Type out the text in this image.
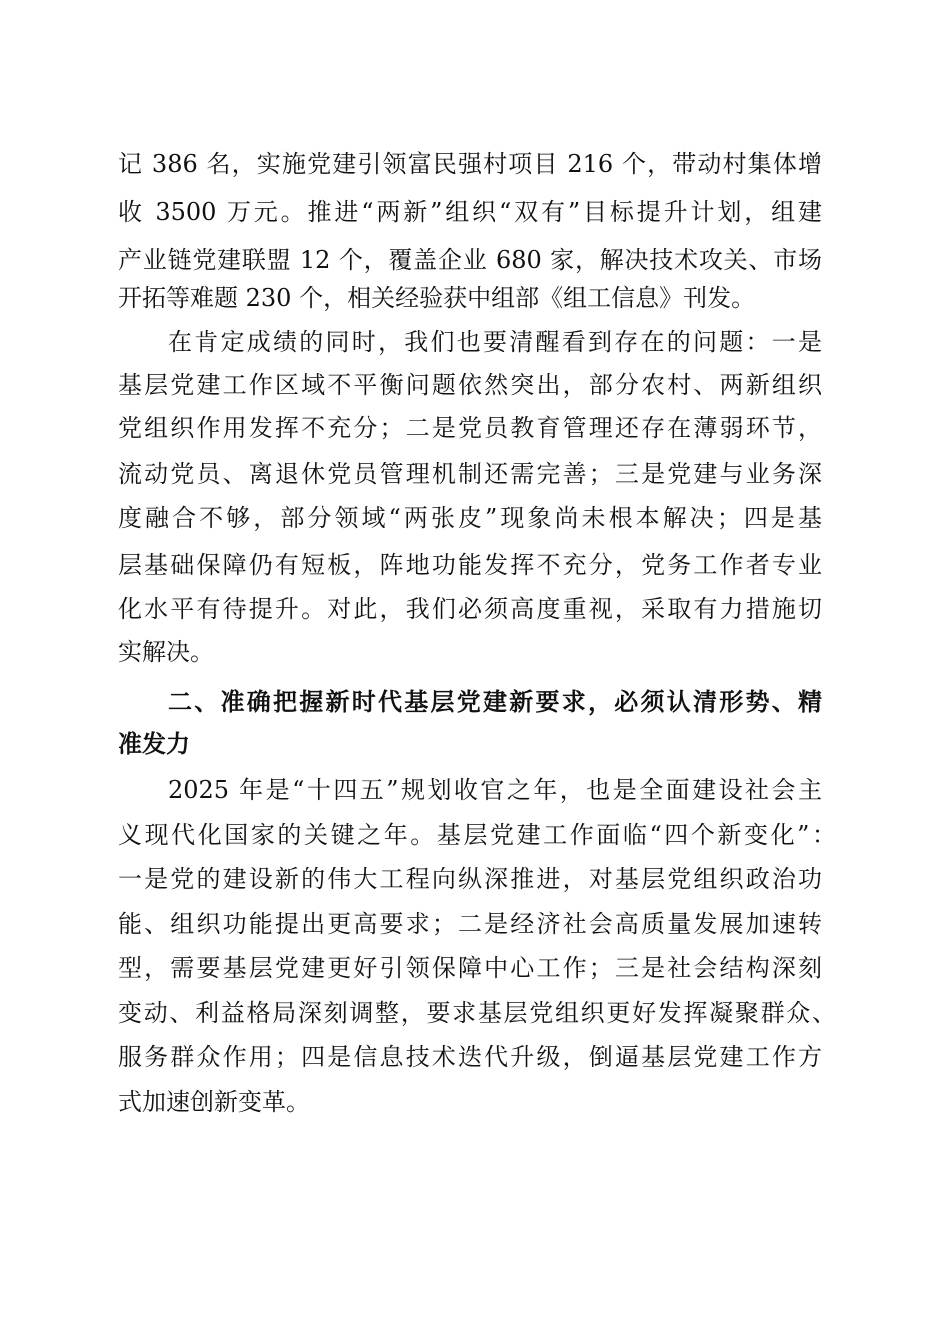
记 386 名，实施党建引领富民强村项目 216 个，带动村集体增
收 3500 万元。推进“两新”组织“双有”目标提升计划，组建
产业链党建联盟 12 个，覆盖企业 680 家，解决技术攻关、市场
开拓等难题 230 个，相关经验获中组部《组工信息》刊发。
在肯定成绩的同时，我们也要清醒看到存在的问题：一是
基层党建工作区域不平衡问题依然突出，部分农村、两新组织
党组织作用发挥不充分；二是党员教育管理还存在薄弱环节，
流动党员、离退休党员管理机制还需完善；三是党建与业务深
度融合不够，部分领域“两张皮”现象尚未根本解决；四是基
层基础保障仍有短板，阵地功能发挥不充分，党务工作者专业
化水平有待提升。对此，我们必须高度重视，采取有力措施切
实解决。
二、准确把握新时代基层党建新要求，必须认清形势、精
准发力
2025 年是“十四五”规划收官之年，也是全面建设社会主
义现代化国家的关键之年。基层党建工作面临“四个新变化”：
一是党的建设新的伟大工程向纵深推进，对基层党组织政治功
能、组织功能提出更高要求；二是经济社会高质量发展加速转
型，需要基层党建更好引领保障中心工作；三是社会结构深刻
变动、利益格局深刻调整，要求基层党组织更好发挥凝聚群众、
服务群众作用；四是信息技术迭代升级，倒逼基层党建工作方
式加速创新变革。
